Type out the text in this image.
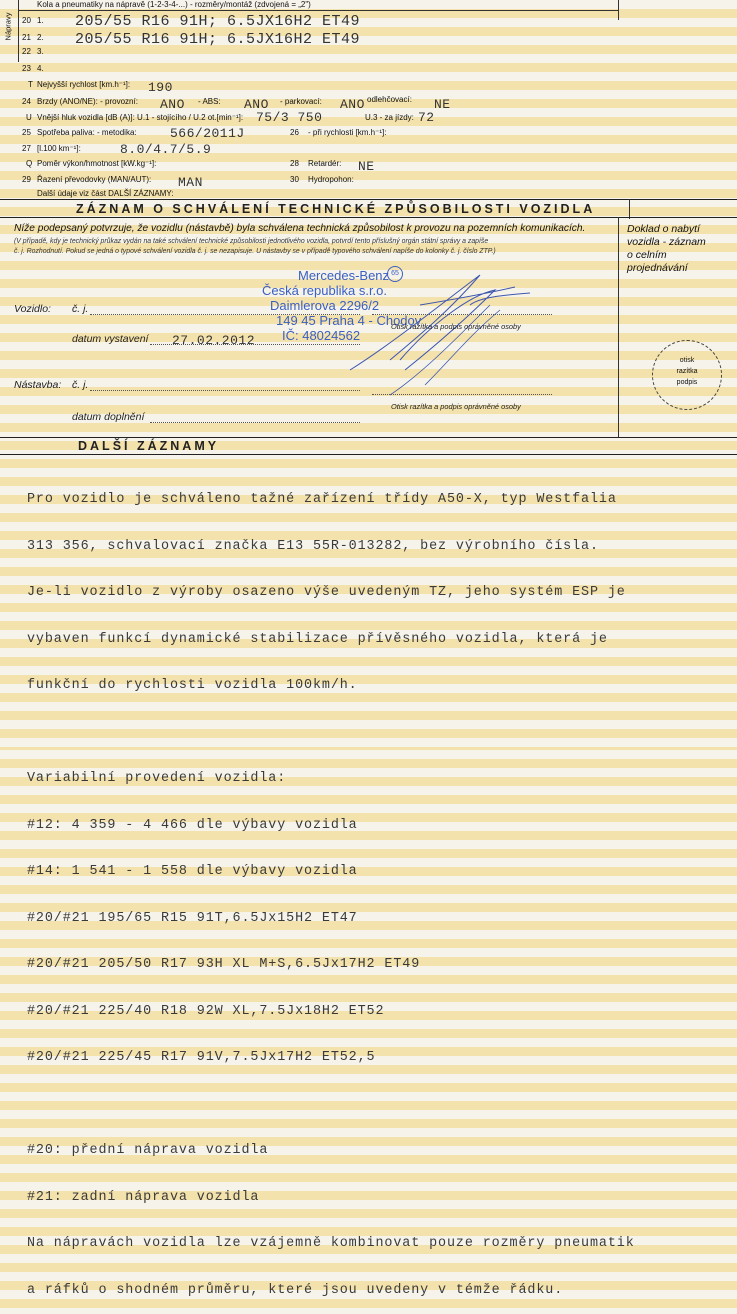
Nápravy
Kola a pneumatiky na nápravě (1-2-3-4-...) - rozměry/montáž (zdvojená = „2")
20 1. 205/55 R16 91H; 6.5JX16H2 ET49
21 2. 205/55 R16 91H; 6.5JX16H2 ET49
22 3.
23 4.
T Nejvyšší rychlost [km.h⁻¹]: 190
24 Brzdy (ANO/NE): - provozní: ANO - ABS: ANO - parkovací: ANO odlehčovací: NE
U Vnější hluk vozidla [dB (A)]: U.1 - stojícího / U.2 ot.[min⁻¹]: 75/3 750	U.3 - za jízdy: 72
25 Spotřeba paliva: - metodika:	566/2011J	26 - při rychlosti [km.h⁻¹]:
27 [l.100 km⁻¹]:	8.0/4.7/5.9
Q Poměr výkon/hmotnost [kW.kg⁻¹]:	28 Retardér: NE
29 Řazení převodovky (MAN/AUT): MAN	30 Hydropohon:
Další údaje viz část DALŠÍ ZÁZNAMY:
ZÁZNAM O SCHVÁLENÍ TECHNICKÉ ZPŮSOBILOSTI VOZIDLA
Níže podepsaný potvrzuje, že vozidlu (nástavbě) byla schválena technická způsobilost k provozu na pozemních komunikacích.
(V případě, kdy je technický průkaz vydán na také schválení technické způsobilosti jednotlivého vozidla, potvrdí tento příslušný orgán státní správy a zapíše
č. j. Rozhodnutí. Pokud se jedná o typové schválení vozidla č. j. se nezapisuje. U nástavby se v případě typového schválení napíše do kolonky č. j. číslo ZTP.)
Doklad o nabytí
vozidla - záznam
o celním
projednávání
Mercedes-Benz 65
Česká republika s.r.o.
Daimlerova 2296/2
149 45 Praha 4 - Chodov
IČ: 48024562
Vozidlo: č. j.
datum vystavení 27.02.2012
Nástavba: č. j.
datum doplnění
Otisk razítka a podpis oprávněné osoby
Otisk razítka a podpis oprávněné osoby
otisk
razítka
podpis
DALŠÍ ZÁZNAMY

Pro vozidlo je schváleno tažné zařízení třídy A50-X, typ Westfalia

313 356, schvalovací značka E13 55R-013282, bez výrobního čísla.

Je-li vozidlo z výroby osazeno výše uvedeným TZ, jeho systém ESP je

vybaven funkcí dynamické stabilizace přívěsného vozidla, která je

funkční do rychlosti vozidla 100km/h.

Variabilní provedení vozidla:

#12: 4 359 - 4 466 dle výbavy vozidla

#14: 1 541 - 1 558 dle výbavy vozidla

#20/#21 195/65 R15 91T,6.5Jx15H2 ET47

#20/#21 205/50 R17 93H XL M+S,6.5Jx17H2 ET49

#20/#21 225/40 R18 92W XL,7.5Jx18H2 ET52

#20/#21 225/45 R17 91V,7.5Jx17H2 ET52,5

#20: přední náprava vozidla

#21: zadní náprava vozidla

Na nápravách vozidla lze vzájemně kombinovat pouze rozměry pneumatik

a ráfků o shodném průměru, které jsou uvedeny v témže řádku.
